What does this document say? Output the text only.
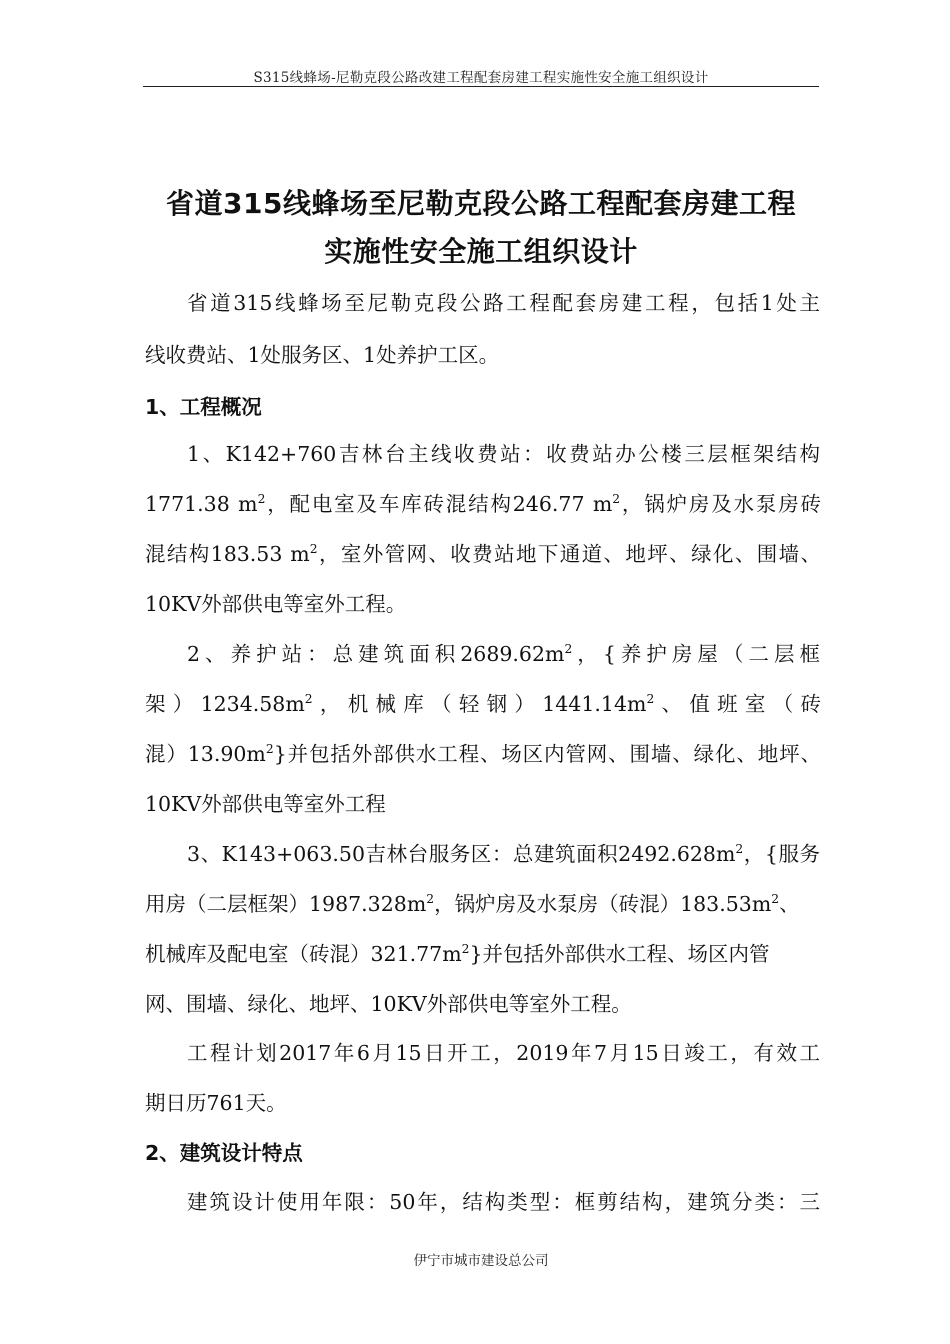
S315线蜂场-尼勒克段公路改建工程配套房建工程实施性安全施工组织设计
省道315线蜂场至尼勒克段公路工程配套房建工程
实施性安全施工组织设计
省道315线蜂场至尼勒克段公路工程配套房建工程，包括1处主
线收费站、1处服务区、1处养护工区。
1、工程概况
1、K142+760吉林台主线收费站：收费站办公楼三层框架结构
1771.38 $m^2$，配电室及车库砖混结构246.77 $m^2$，锅炉房及水泵房砖
混结构183.53 $m^2$，室外管网、收费站地下通道、地坪、绿化、围墙、
10KV外部供电等室外工程。
2、养护站：总建筑面积$2689.62m^2$，{养护房屋（二层框
架）$1234.58m^2$，机械库（轻钢）$1441.14m^2$、值班室（砖
混）$13.90m^2$}并包括外部供水工程、场区内管网、围墙、绿化、地坪、
10KV外部供电等室外工程
3、K143+063.50吉林台服务区：总建筑面积$2492.628m^2$，{服务
用房（二层框架）$1987.328m^2$，锅炉房及水泵房（砖混）$183.53m^2$、
机械库及配电室（砖混）$321.77m^2$}并包括外部供水工程、场区内管
网、围墙、绿化、地坪、10KV外部供电等室外工程。
工程计划2017年6月15日开工，2019年7月15日竣工，有效工
期日历761天。
2、建筑设计特点
建筑设计使用年限：50年，结构类型：框剪结构，建筑分类：三
伊宁市城市建设总公司
